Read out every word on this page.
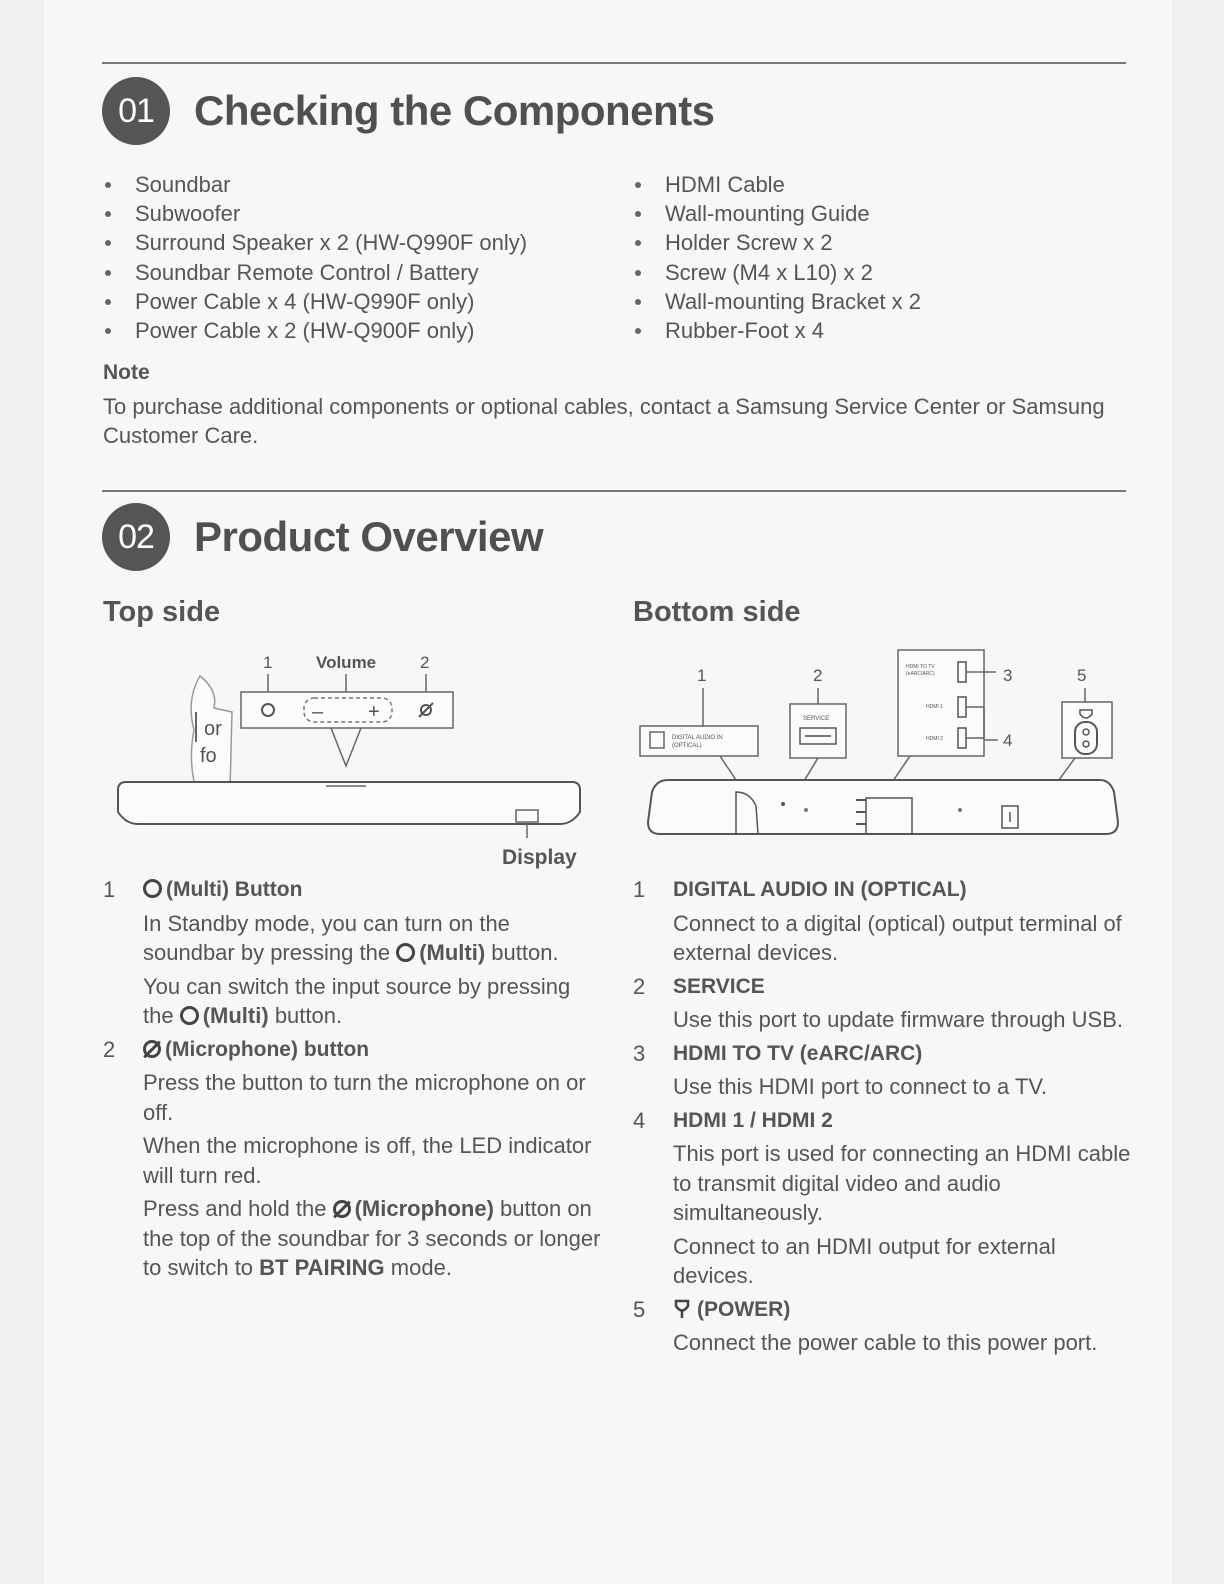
01 Checking the Components
Soundbar
Subwoofer
Surround Speaker x 2 (HW-Q990F only)
Soundbar Remote Control / Battery
Power Cable x 4 (HW-Q990F only)
Power Cable x 2 (HW-Q900F only)
HDMI Cable
Wall-mounting Guide
Holder Screw x 2
Screw (M4 x L10) x 2
Wall-mounting Bracket x 2
Rubber-Foot x 4
Note
To purchase additional components or optional cables, contact a Samsung Service Center or Samsung Customer Care.
02 Product Overview
Top side	Bottom side
or
fo
1	Volume	2
– +
Display
1	2	3
4
5
DIGITAL AUDIO IN
(OPTICAL)
SERVICE
HDMI TO TV
(eARC/ARC)
HDMI 1
HDMI 2
1	(Multi) Button
In Standby mode, you can turn on the soundbar by pressing the (Multi) button.
You can switch the input source by pressing the (Multi) button.
2	(Microphone) button
Press the button to turn the microphone on or off.
When the microphone is off, the LED indicator will turn red.
Press and hold the (Microphone) button on the top of the soundbar for 3 seconds or longer to switch to BT PAIRING mode.
1 DIGITAL AUDIO IN (OPTICAL)
Connect to a digital (optical) output terminal of external devices.
2 SERVICE
Use this port to update firmware through USB.
3 HDMI TO TV (eARC/ARC)
Use this HDMI port to connect to a TV.
4 HDMI 1 / HDMI 2
This port is used for connecting an HDMI cable to transmit digital video and audio simultaneously.
Connect to an HDMI output for external devices.
5	(POWER)
Connect the power cable to this power port.
